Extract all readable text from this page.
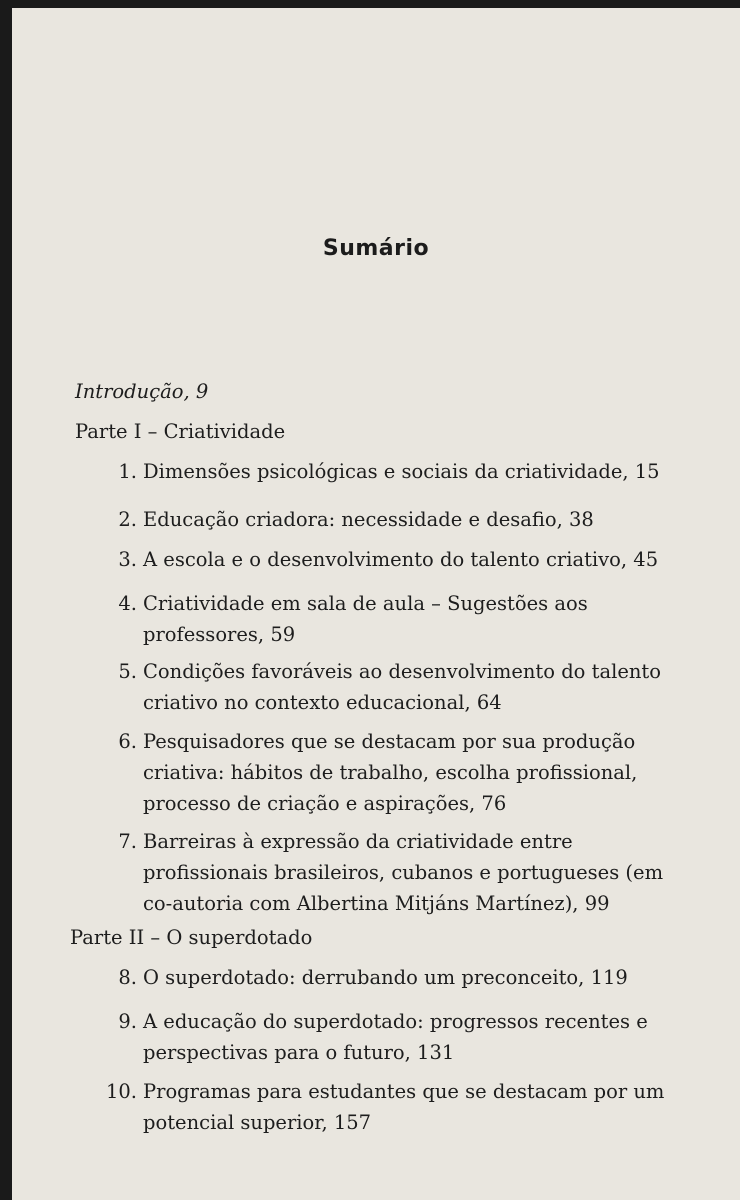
Sumário
Introdução, 9
Parte I – Criatividade
1. Dimensões psicológicas e sociais da criatividade, 15
2. Educação criadora: necessidade e desafio, 38
3. A escola e o desenvolvimento do talento criativo, 45
4. Criatividade em sala de aula – Sugestões aos professores, 59
5. Condições favoráveis ao desenvolvimento do talento criativo no contexto educacional, 64
6. Pesquisadores que se destacam por sua produção criativa: hábitos de trabalho, escolha profissional, processo de criação e aspirações, 76
7. Barreiras à expressão da criatividade entre profissionais brasileiros, cubanos e portugueses (em co-autoria com Albertina Mitjáns Martínez), 99
Parte II – O superdotado
8. O superdotado: derrubando um preconceito, 119
9. A educação do superdotado: progressos recentes e perspectivas para o futuro, 131
10. Programas para estudantes que se destacam por um potencial superior, 157
